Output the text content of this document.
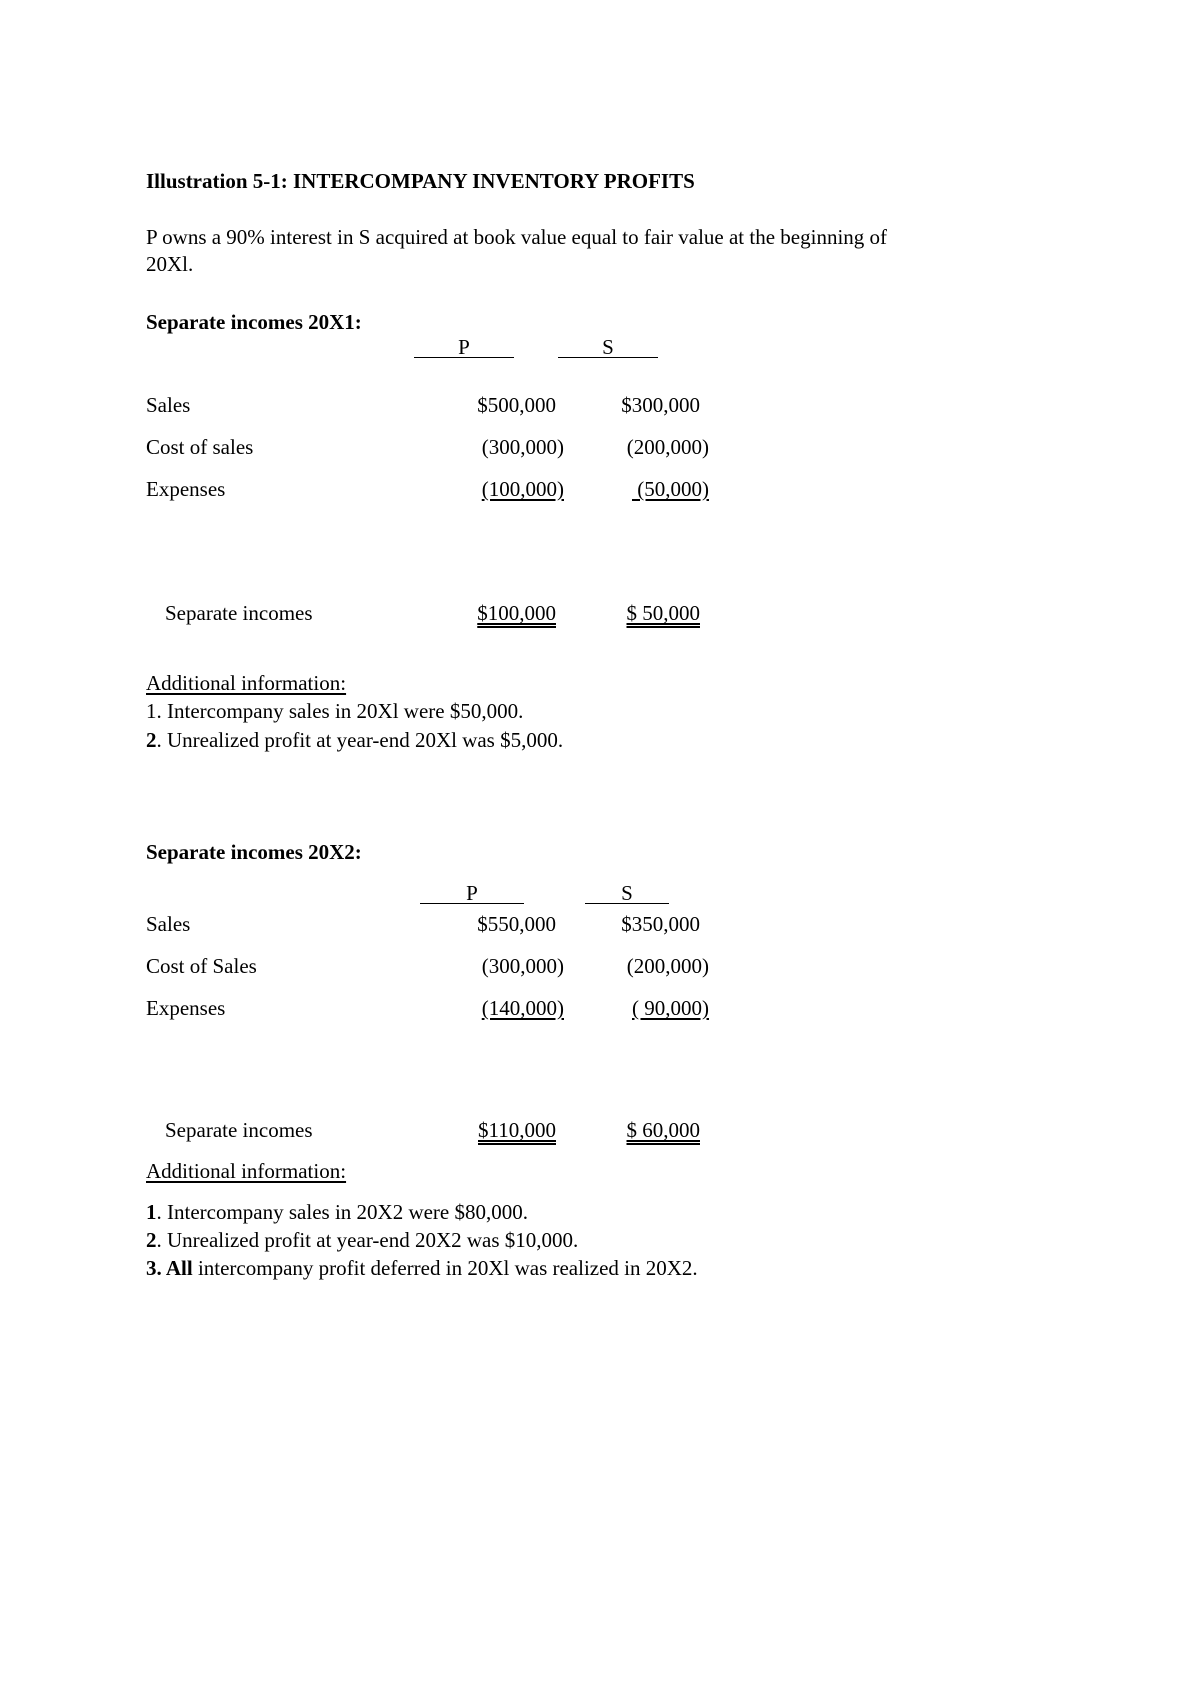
Illustration 5-1: INTERCOMPANY INVENTORY PROFITS
P owns a 90% interest in S acquired at book value equal to fair value at the beginning of
20Xl.
Separate incomes 20X1:
P	S
Sales	$500,000	$300,000
Cost of sales	(300,000)	(200,000)
Expenses	(100,000)	(50,000)
Separate incomes	$100,000	$ 50,000
Additional information:
1. Intercompany sales in 20Xl were $50,000.
2. Unrealized profit at year-end 20Xl was $5,000.
Separate incomes 20X2:
P	S
Sales	$550,000	$350,000
Cost of Sales	(300,000)	(200,000)
Expenses	(140,000)	( 90,000)
Separate incomes	$110,000	$ 60,000
Additional information:
1. Intercompany sales in 20X2 were $80,000.
2. Unrealized profit at year-end 20X2 was $10,000.
3. All intercompany profit deferred in 20Xl was realized in 20X2.
